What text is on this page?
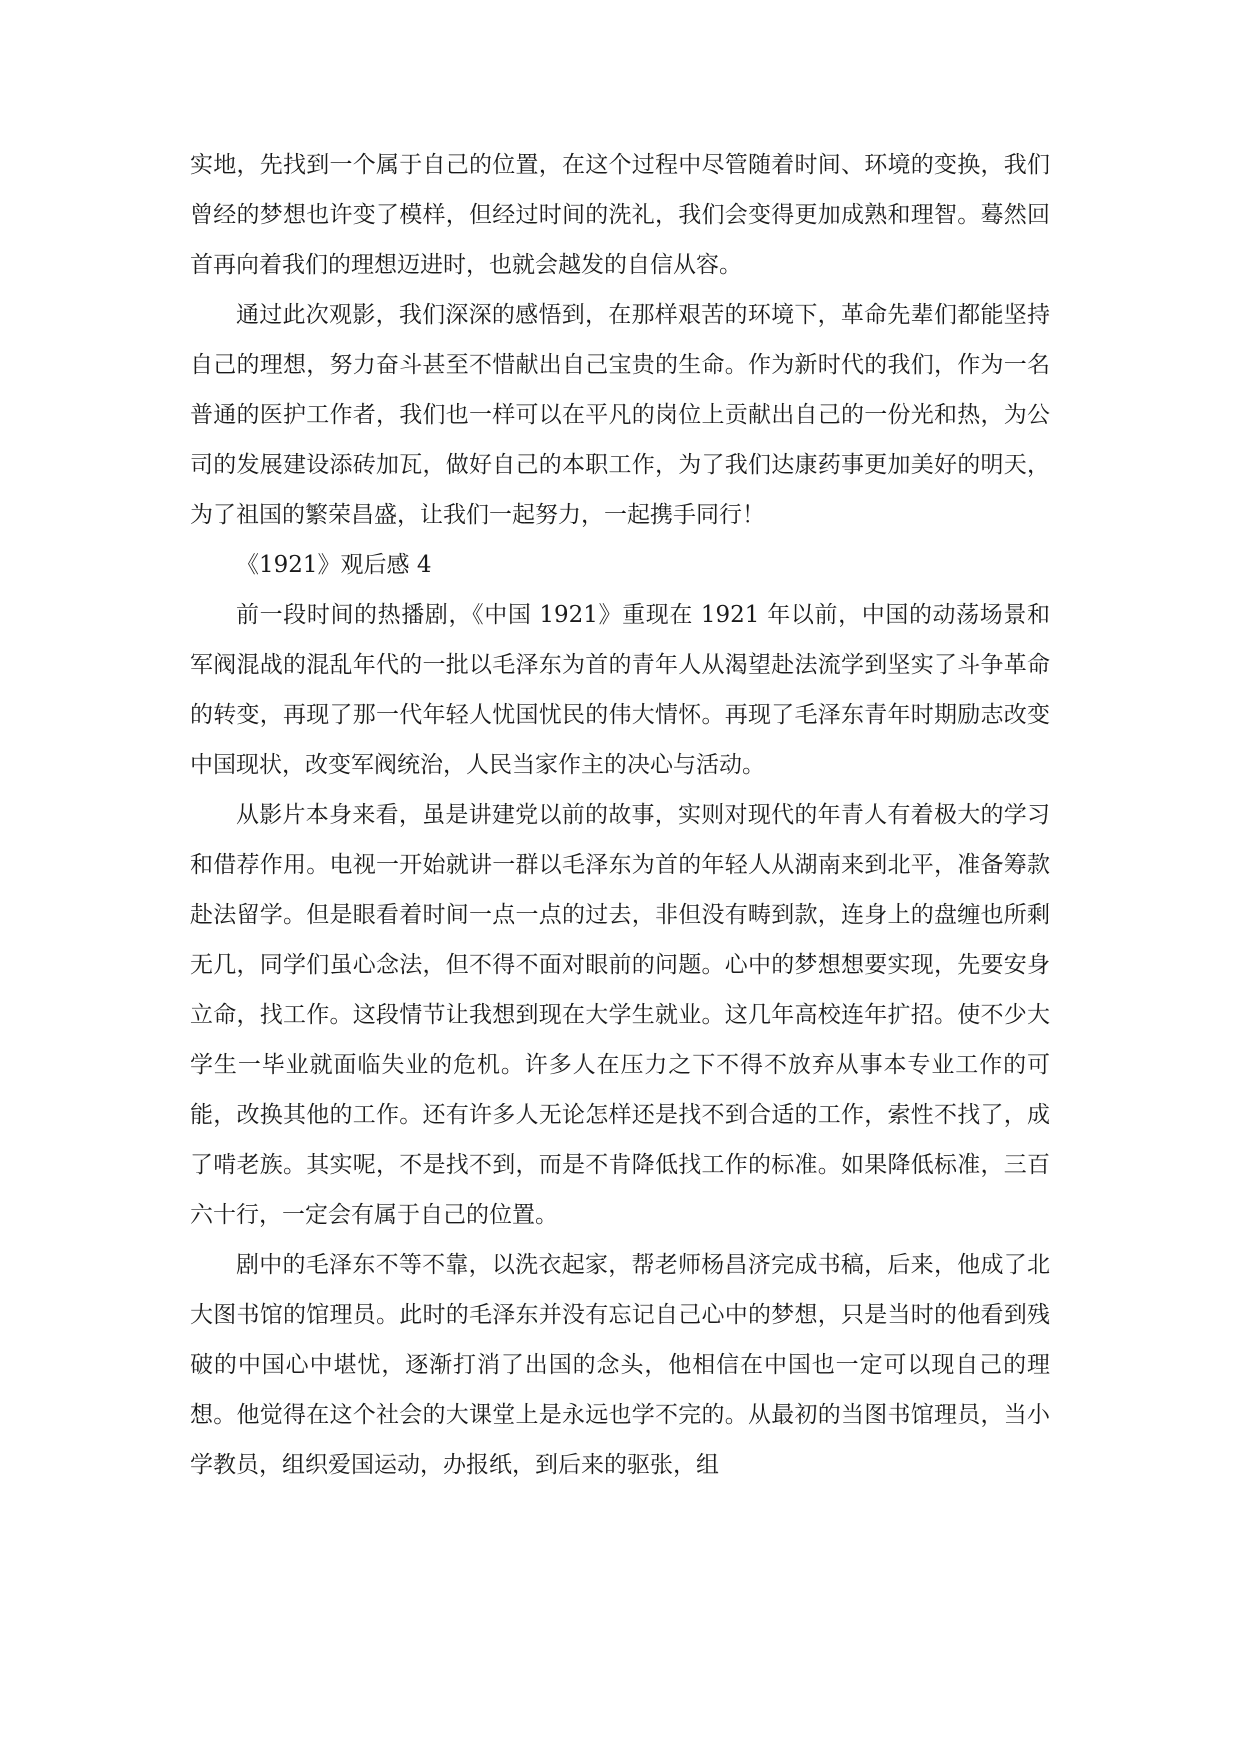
实地，先找到一个属于自己的位置，在这个过程中尽管随着时间、环境的变换，我们曾经的梦想也许变了模样，但经过时间的洗礼，我们会变得更加成熟和理智。蓦然回首再向着我们的理想迈进时，也就会越发的自信从容。

通过此次观影，我们深深的感悟到，在那样艰苦的环境下，革命先辈们都能坚持自己的理想，努力奋斗甚至不惜献出自己宝贵的生命。作为新时代的我们，作为一名普通的医护工作者，我们也一样可以在平凡的岗位上贡献出自己的一份光和热，为公司的发展建设添砖加瓦，做好自己的本职工作，为了我们达康药事更加美好的明天，为了祖国的繁荣昌盛，让我们一起努力，一起携手同行！

《1921》观后感 4

前一段时间的热播剧，《中国 1921》重现在 1921 年以前，中国的动荡场景和军阀混战的混乱年代的一批以毛泽东为首的青年人从渴望赴法流学到坚实了斗争革命的转变，再现了那一代年轻人忧国忧民的伟大情怀。再现了毛泽东青年时期励志改变中国现状，改变军阀统治，人民当家作主的决心与活动。

从影片本身来看，虽是讲建党以前的故事，实则对现代的年青人有着极大的学习和借荐作用。电视一开始就讲一群以毛泽东为首的年轻人从湖南来到北平，准备筹款赴法留学。但是眼看着时间一点一点的过去，非但没有畴到款，连身上的盘缠也所剩无几，同学们虽心念法，但不得不面对眼前的问题。心中的梦想想要实现，先要安身立命，找工作。这段情节让我想到现在大学生就业。这几年高校连年扩招。使不少大学生一毕业就面临失业的危机。许多人在压力之下不得不放弃从事本专业工作的可能，改换其他的工作。还有许多人无论怎样还是找不到合适的工作，索性不找了，成了啃老族。其实呢，不是找不到，而是不肯降低找工作的标准。如果降低标准，三百六十行，一定会有属于自己的位置。

剧中的毛泽东不等不靠，以洗衣起家，帮老师杨昌济完成书稿，后来，他成了北大图书馆的馆理员。此时的毛泽东并没有忘记自己心中的梦想，只是当时的他看到残破的中国心中堪忧，逐渐打消了出国的念头，他相信在中国也一定可以现自己的理想。他觉得在这个社会的大课堂上是永远也学不完的。从最初的当图书馆理员，当小学教员，组织爱国运动，办报纸，到后来的驱张，组
